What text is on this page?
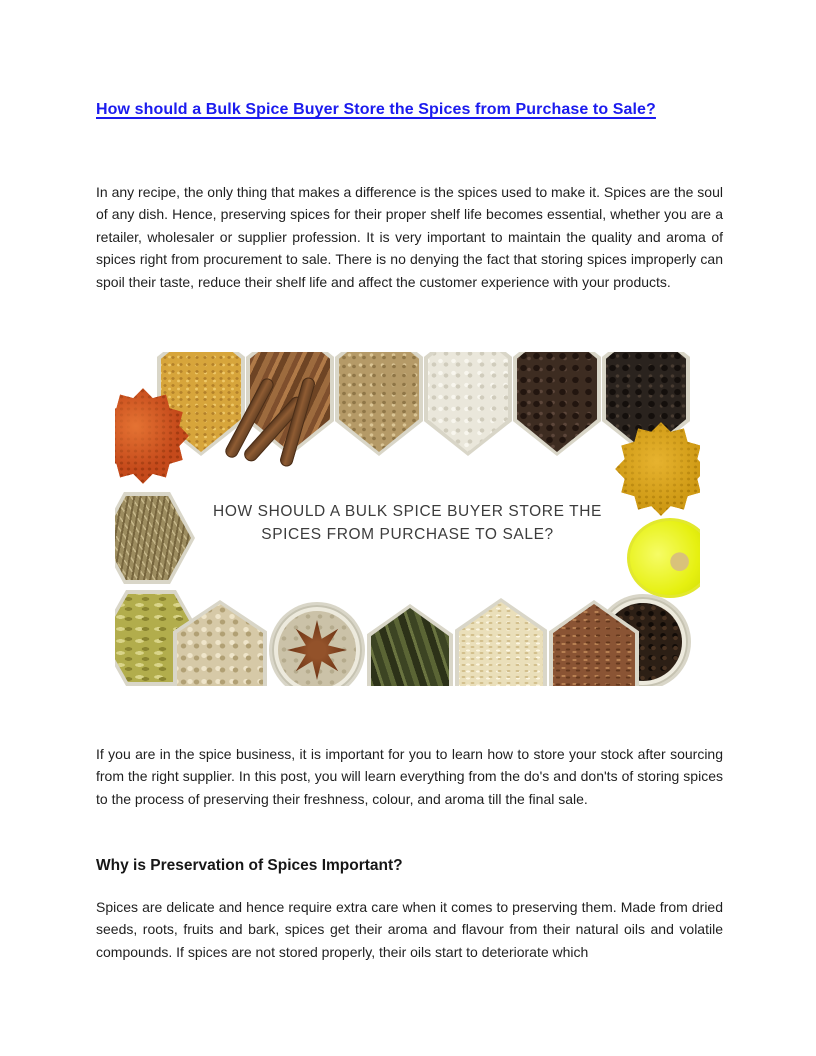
How should a Bulk Spice Buyer Store the Spices from Purchase to Sale?

In any recipe, the only thing that makes a difference is the spices used to make it. Spices are the soul of any dish. Hence, preserving spices for their proper shelf life becomes essential, whether you are a retailer, wholesaler or supplier profession. It is very important to maintain the quality and aroma of spices right from procurement to sale. There is no denying the fact that storing spices improperly can spoil their taste, reduce their shelf life and affect the customer experience with your products.

HOW SHOULD A BULK SPICE BUYER STORE THE
SPICES FROM PURCHASE TO SALE?

If you are in the spice business, it is important for you to learn how to store your stock after sourcing from the right supplier. In this post, you will learn everything from the do's and don'ts of storing spices to the process of preserving their freshness, colour, and aroma till the final sale.

Why is Preservation of Spices Important?

Spices are delicate and hence require extra care when it comes to preserving them. Made from dried seeds, roots, fruits and bark, spices get their aroma and flavour from their natural oils and volatile compounds. If spices are not stored properly, their oils start to deteriorate which
